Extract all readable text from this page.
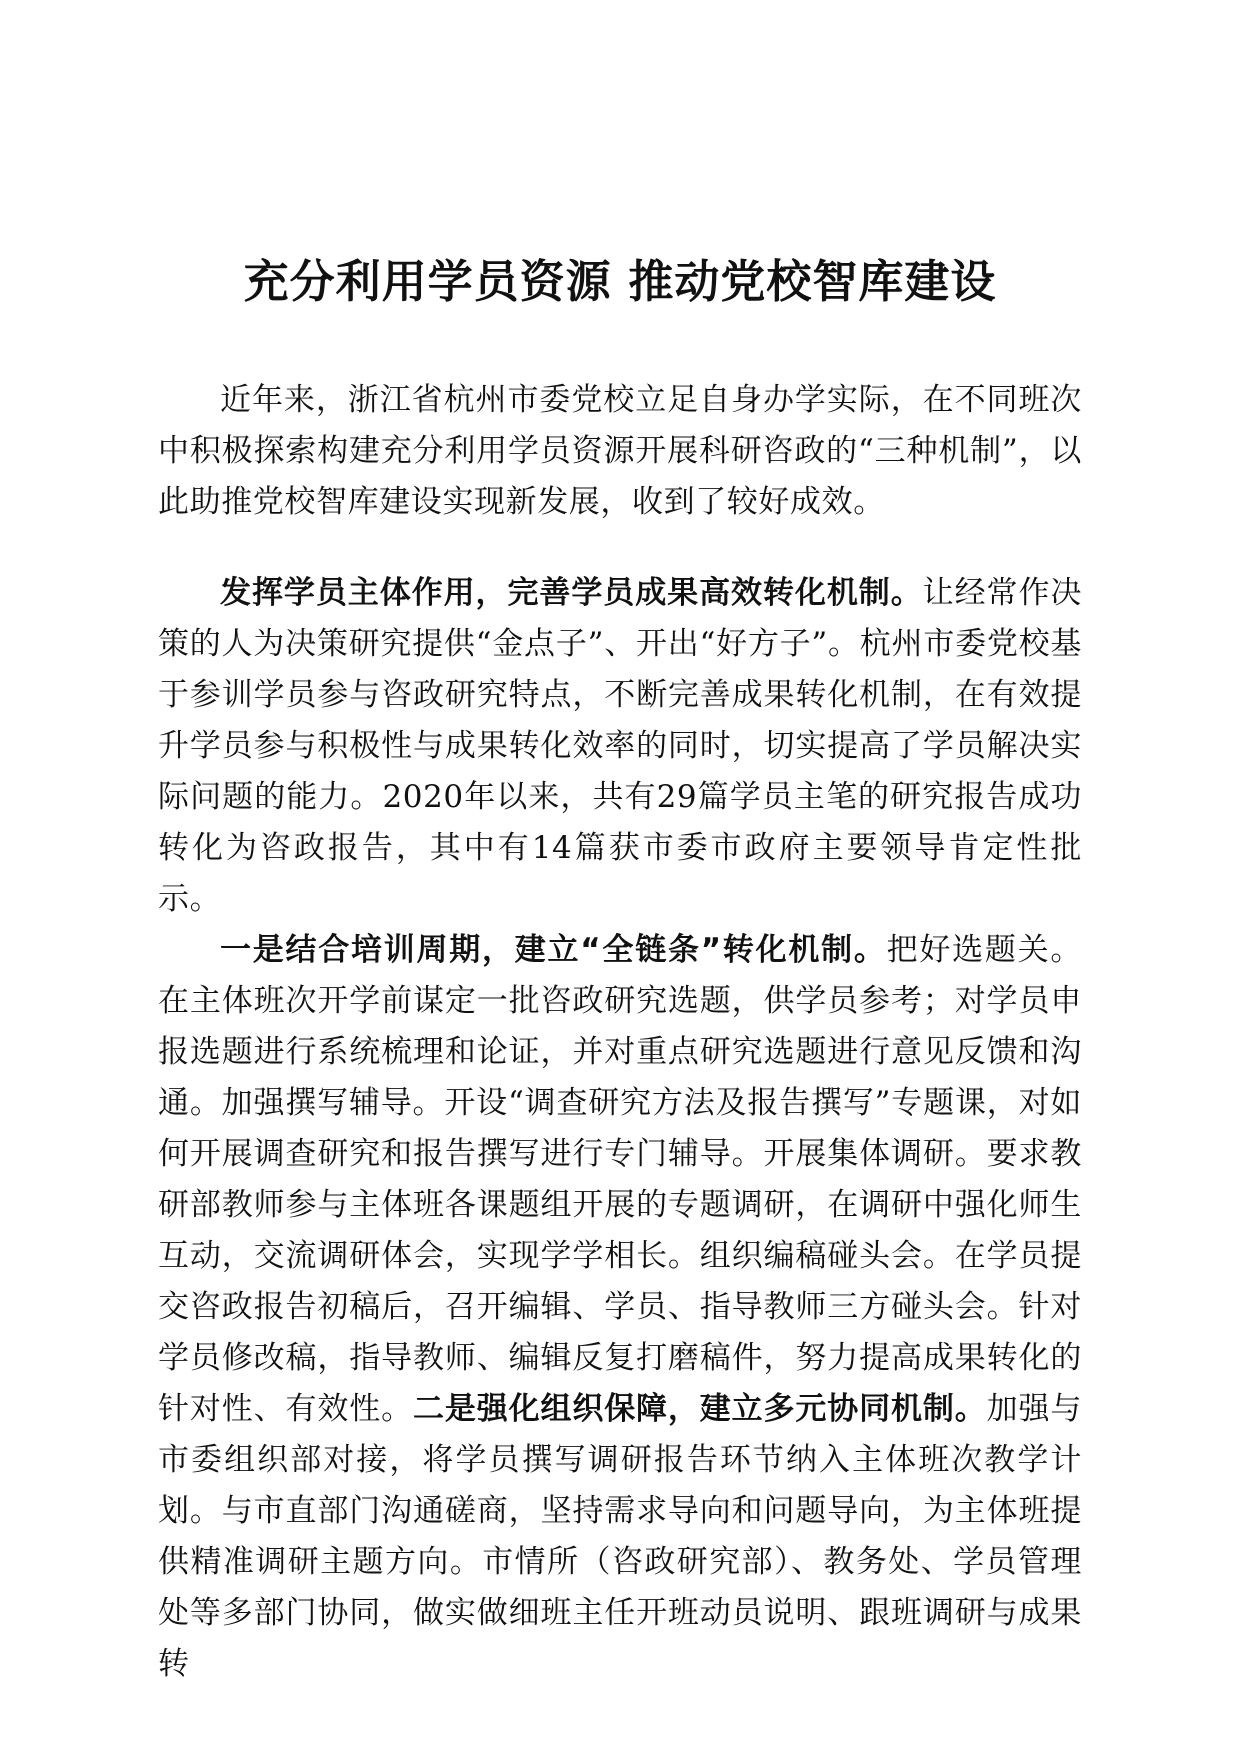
充分利用学员资源 推动党校智库建设

近年来，浙江省杭州市委党校立足自身办学实际，在不同班次中积极探索构建充分利用学员资源开展科研咨政的“三种机制”，以此助推党校智库建设实现新发展，收到了较好成效。

发挥学员主体作用，完善学员成果高效转化机制。让经常作决策的人为决策研究提供“金点子”、开出“好方子”。杭州市委党校基于参训学员参与咨政研究特点，不断完善成果转化机制，在有效提升学员参与积极性与成果转化效率的同时，切实提高了学员解决实际问题的能力。2020年以来，共有29篇学员主笔的研究报告成功转化为咨政报告，其中有14篇获市委市政府主要领导肯定性批示。

一是结合培训周期，建立“全链条”转化机制。把好选题关。在主体班次开学前谋定一批咨政研究选题，供学员参考；对学员申报选题进行系统梳理和论证，并对重点研究选题进行意见反馈和沟通。加强撰写辅导。开设“调查研究方法及报告撰写”专题课，对如何开展调查研究和报告撰写进行专门辅导。开展集体调研。要求教研部教师参与主体班各课题组开展的专题调研，在调研中强化师生互动，交流调研体会，实现学学相长。组织编稿碰头会。在学员提交咨政报告初稿后，召开编辑、学员、指导教师三方碰头会。针对学员修改稿，指导教师、编辑反复打磨稿件，努力提高成果转化的针对性、有效性。二是强化组织保障，建立多元协同机制。加强与市委组织部对接，将学员撰写调研报告环节纳入主体班次教学计划。与市直部门沟通磋商，坚持需求导向和问题导向，为主体班提供精准调研主题方向。市情所（咨政研究部）、教务处、学员管理处等多部门协同，做实做细班主任开班动员说明、跟班调研与成果转
